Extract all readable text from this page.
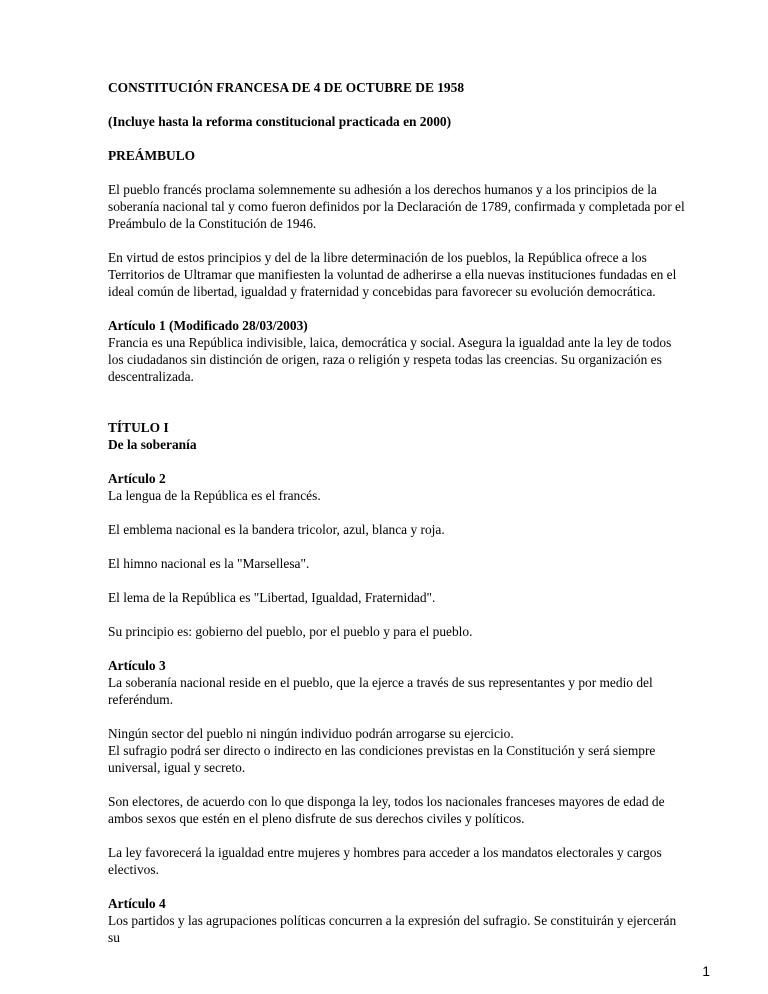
CONSTITUCIÓN FRANCESA DE 4 DE OCTUBRE DE 1958

(Incluye hasta la reforma constitucional practicada en 2000)

PREÁMBULO

El pueblo francés proclama solemnemente su adhesión a los derechos humanos y a los principios de la soberanía nacional tal y como fueron definidos por la Declaración de 1789, confirmada y completada por el Preámbulo de la Constitución de 1946.

En virtud de estos principios y del de la libre determinación de los pueblos, la República ofrece a los Territorios de Ultramar que manifiesten la voluntad de adherirse a ella nuevas instituciones fundadas en el ideal común de libertad, igualdad y fraternidad y concebidas para favorecer su evolución democrática.

Artículo 1 (Modificado 28/03/2003)

Francia es una República indivisible, laica, democrática y social. Asegura la igualdad ante la ley de todos los ciudadanos sin distinción de origen, raza o religión y respeta todas las creencias. Su organización es descentralizada.

TÍTULO I

De la soberanía

Artículo 2

La lengua de la República es el francés.

El emblema nacional es la bandera tricolor, azul, blanca y roja.

El himno nacional es la "Marsellesa".

El lema de la República es "Libertad, Igualdad, Fraternidad".

Su principio es: gobierno del pueblo, por el pueblo y para el pueblo.

Artículo 3

La soberanía nacional reside en el pueblo, que la ejerce a través de sus representantes y por medio del referéndum.

Ningún sector del pueblo ni ningún individuo podrán arrogarse su ejercicio.

El sufragio podrá ser directo o indirecto en las condiciones previstas en la Constitución y será siempre universal, igual y secreto.

Son electores, de acuerdo con lo que disponga la ley, todos los nacionales franceses mayores de edad de ambos sexos que estén en el pleno disfrute de sus derechos civiles y políticos.

La ley favorecerá la igualdad entre mujeres y hombres para acceder a los mandatos electorales y cargos electivos.

Artículo 4

Los partidos y las agrupaciones políticas concurren a la expresión del sufragio. Se constituirán y ejercerán su

1
